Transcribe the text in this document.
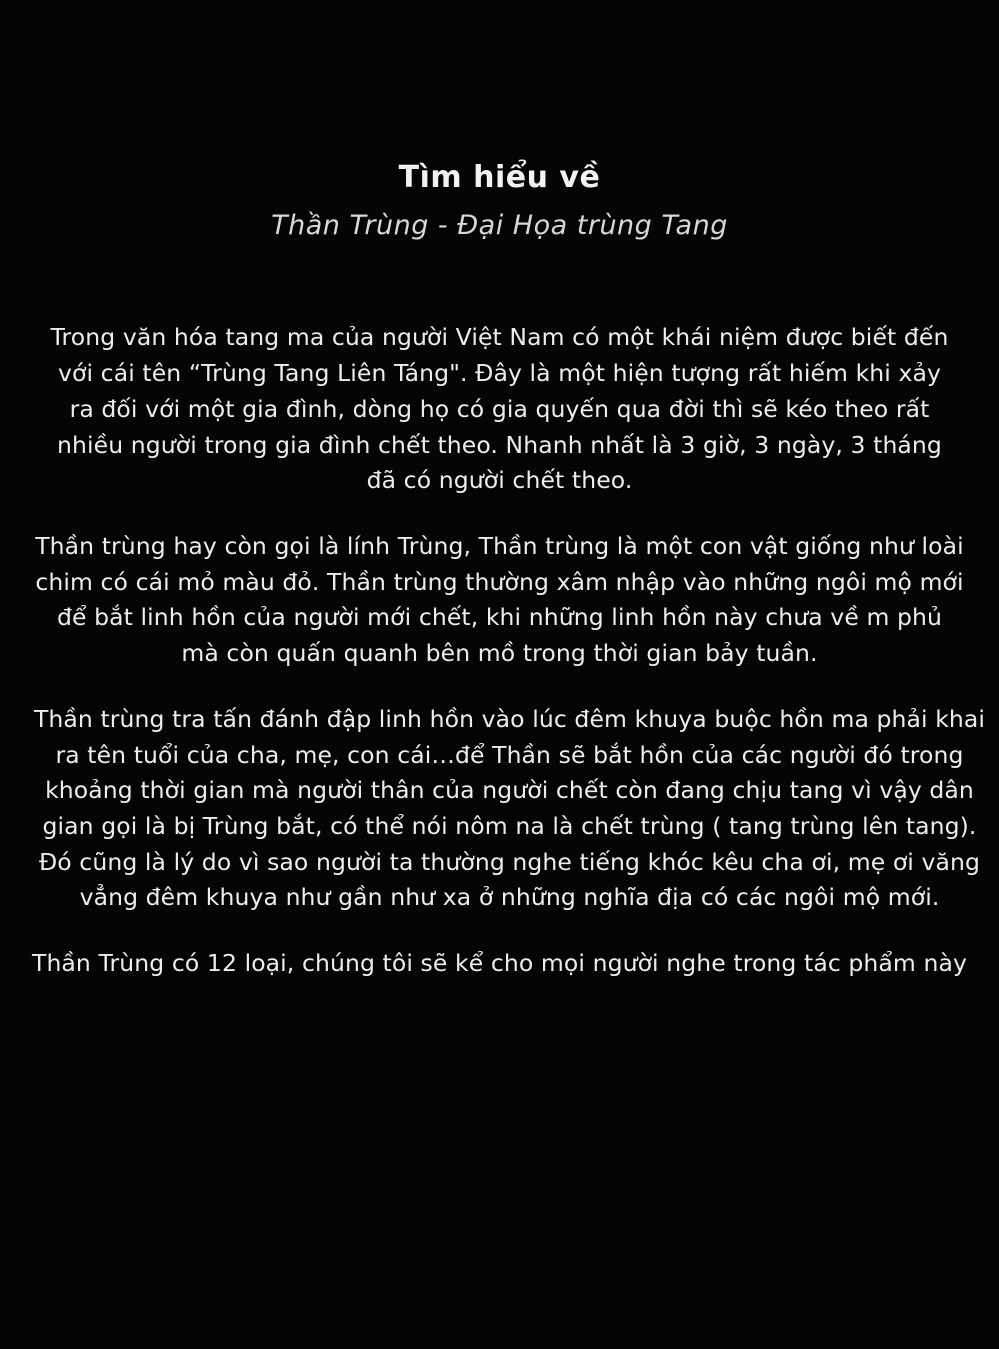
Tìm hiểu về
Thần Trùng - Đại Họa trùng Tang

Trong văn hóa tang ma của người Việt Nam có một khái niệm được biết đến với cái tên “Trùng Tang Liên Táng". Đây là một hiện tượng rất hiếm khi xảy ra đối với một gia đình, dòng họ có gia quyến qua đời thì sẽ kéo theo rất nhiều người trong gia đình chết theo. Nhanh nhất là 3 giờ, 3 ngày, 3 tháng đã có người chết theo.

Thần trùng hay còn gọi là lính Trùng, Thần trùng là một con vật giống như loài chim có cái mỏ màu đỏ. Thần trùng thường xâm nhập vào những ngôi mộ mới để bắt linh hồn của người mới chết, khi những linh hồn này chưa về m phủ mà còn quấn quanh bên mồ trong thời gian bảy tuần.

Thần trùng tra tấn đánh đập linh hồn vào lúc đêm khuya buộc hồn ma phải khai ra tên tuổi của cha, mẹ, con cái…để Thần sẽ bắt hồn của các người đó trong khoảng thời gian mà người thân của người chết còn đang chịu tang vì vậy dân gian gọi là bị Trùng bắt, có thể nói nôm na là chết trùng ( tang trùng lên tang). Đó cũng là lý do vì sao người ta thường nghe tiếng khóc kêu cha ơi, mẹ ơi văng vẳng đêm khuya như gần như xa ở những nghĩa địa có các ngôi mộ mới.

Thần Trùng có 12 loại, chúng tôi sẽ kể cho mọi người nghe trong tác phẩm này
